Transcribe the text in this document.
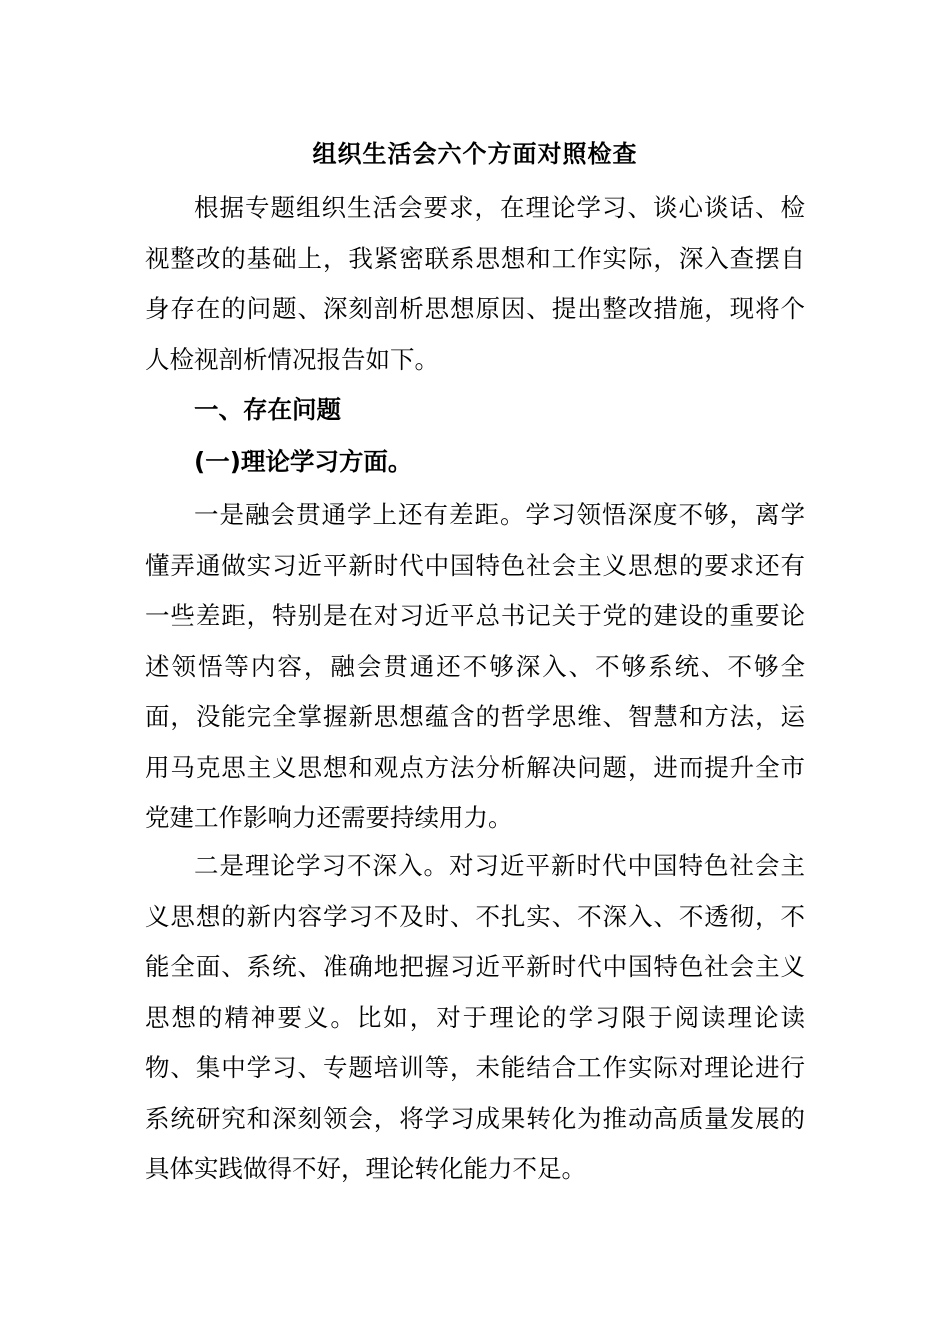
组织生活会六个方面对照检查

根据专题组织生活会要求，在理论学习、谈心谈话、检视整改的基础上，我紧密联系思想和工作实际，深入查摆自身存在的问题、深刻剖析思想原因、提出整改措施，现将个人检视剖析情况报告如下。

一、存在问题

(一)理论学习方面。

一是融会贯通学上还有差距。学习领悟深度不够，离学懂弄通做实习近平新时代中国特色社会主义思想的要求还有一些差距，特别是在对习近平总书记关于党的建设的重要论述领悟等内容，融会贯通还不够深入、不够系统、不够全面，没能完全掌握新思想蕴含的哲学思维、智慧和方法，运用马克思主义思想和观点方法分析解决问题，进而提升全市党建工作影响力还需要持续用力。

二是理论学习不深入。对习近平新时代中国特色社会主义思想的新内容学习不及时、不扎实、不深入、不透彻，不能全面、系统、准确地把握习近平新时代中国特色社会主义思想的精神要义。比如，对于理论的学习限于阅读理论读物、集中学习、专题培训等，未能结合工作实际对理论进行系统研究和深刻领会，将学习成果转化为推动高质量发展的具体实践做得不好，理论转化能力不足。
